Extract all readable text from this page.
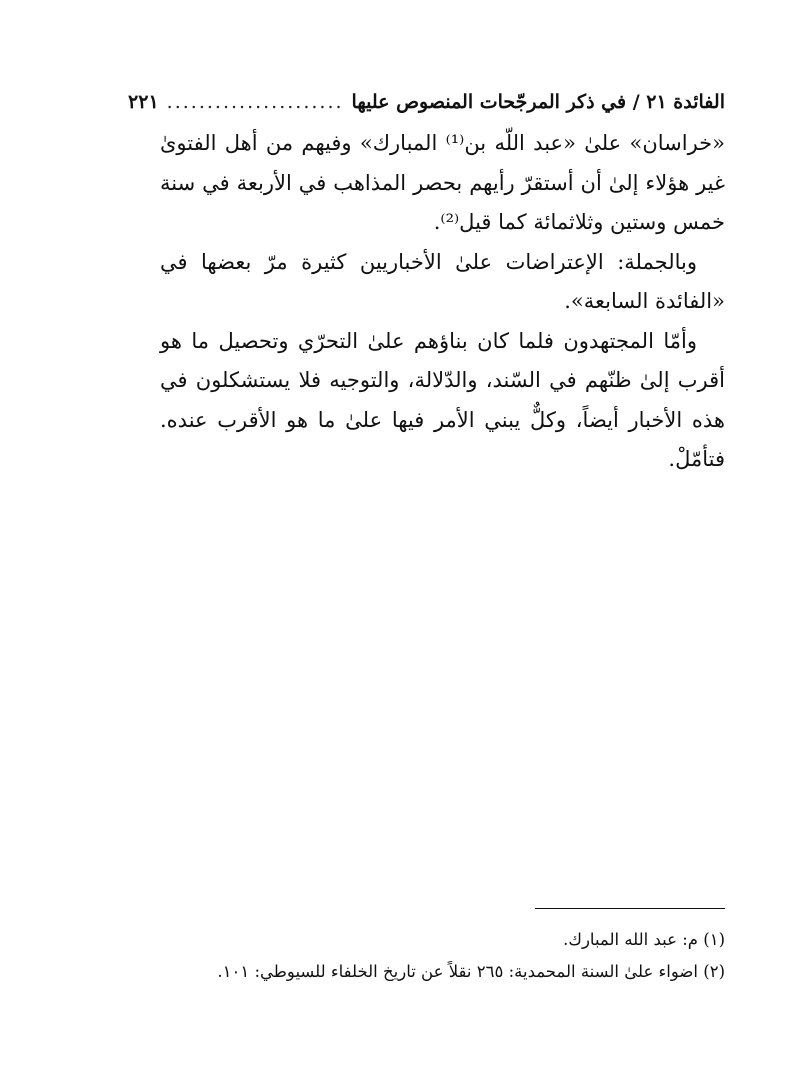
الفائدة ٢١ / في ذكر المرجّحات المنصوص عليها
......................
٢٢١

«خراسان» علىٰ «عبد اللّه بن⁽¹⁾ المبارك» وفيهم من أهل الفتوىٰ غير هؤلاء إلىٰ أن أستقرّ رأيهم بحصر المذاهب في الأربعة في سنة خمس وستين وثلاثمائة كما قيل⁽²⁾.

وبالجملة: الإعتراضات علىٰ الأخباريين كثيرة مرّ بعضها في «الفائدة السابعة».

وأمّا المجتهدون فلما كان بناؤهم علىٰ التحرّي وتحصيل ما هو أقرب إلىٰ ظنّهم في السّند، والدّلالة، والتوجيه فلا يستشكلون في هذه الأخبار أيضاً، وكلٌّ يبني الأمر فيها علىٰ ما هو الأقرب عنده. فتأمّلْ.

(١) م: عبد الله المبارك.

(٢) اضواء علىٰ السنة المحمدية: ٢٦٥ نقلاً عن تاريخ الخلفاء للسيوطي: ١٠١.
